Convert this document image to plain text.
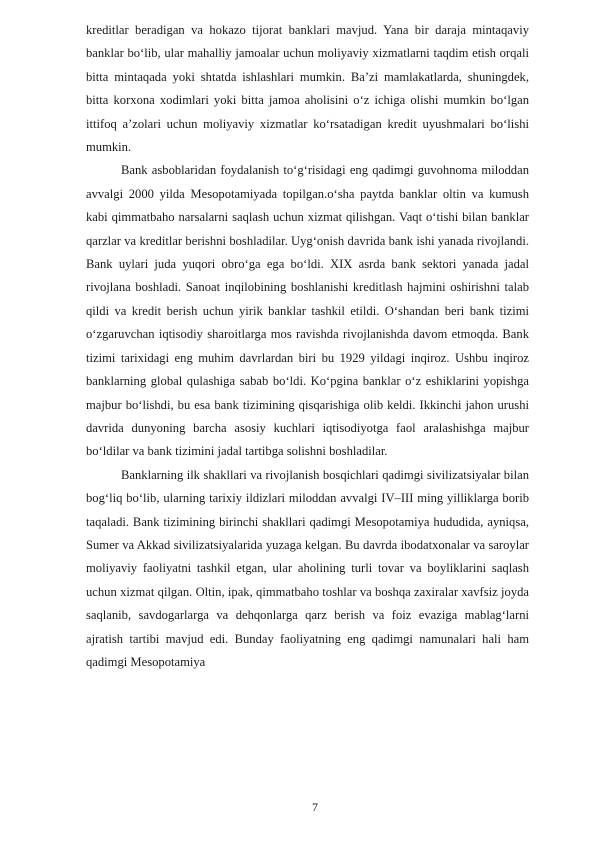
kreditlar beradigan va hokazo tijorat banklari mavjud. Yana bir daraja mintaqaviy banklar bo‘lib, ular mahalliy jamoalar uchun moliyaviy xizmatlarni taqdim etish orqali bitta mintaqada yoki shtatda ishlashlari mumkin. Ba’zi mamlakatlarda, shuningdek, bitta korxona xodimlari yoki bitta jamoa aholisini o‘z ichiga olishi mumkin bo‘lgan ittifoq a’zolari uchun moliyaviy xizmatlar ko‘rsatadigan kredit uyushmalari bo‘lishi mumkin.

Bank asboblaridan foydalanish to‘g‘risidagi eng qadimgi guvohnoma miloddan avvalgi 2000 yilda Mesopotamiyada topilgan.o‘sha paytda banklar oltin va kumush kabi qimmatbaho narsalarni saqlash uchun xizmat qilishgan. Vaqt o‘tishi bilan banklar qarzlar va kreditlar berishni boshladilar. Uyg‘onish davrida bank ishi yanada rivojlandi. Bank uylari juda yuqori obro‘ga ega bo‘ldi. XIX asrda bank sektori yanada jadal rivojlana boshladi. Sanoat inqilobining boshlanishi kreditlash hajmini oshirishni talab qildi va kredit berish uchun yirik banklar tashkil etildi. O‘shandan beri bank tizimi o‘zgaruvchan iqtisodiy sharoitlarga mos ravishda rivojlanishda davom etmoqda. Bank tizimi tarixidagi eng muhim davrlardan biri bu 1929 yildagi inqiroz. Ushbu inqiroz banklarning global qulashiga sabab bo‘ldi. Ko‘pgina banklar o‘z eshiklarini yopishga majbur bo‘lishdi, bu esa bank tizimining qisqarishiga olib keldi. Ikkinchi jahon urushi davrida dunyoning barcha asosiy kuchlari iqtisodiyotga faol aralashishga majbur bo‘ldilar va bank tizimini jadal tartibga solishni boshladilar.

Banklarning ilk shakllari va rivojlanish bosqichlari qadimgi sivilizatsiyalar bilan bog‘liq bo‘lib, ularning tarixiy ildizlari miloddan avvalgi IV–III ming yilliklarga borib taqaladi. Bank tizimining birinchi shakllari qadimgi Mesopotamiya hududida, ayniqsa, Sumer va Akkad sivilizatsiyalarida yuzaga kelgan. Bu davrda ibodatxonalar va saroylar moliyaviy faoliyatni tashkil etgan, ular aholining turli tovar va boyliklarini saqlash uchun xizmat qilgan. Oltin, ipak, qimmatbaho toshlar va boshqa zaxiralar xavfsiz joyda saqlanib, savdogarlarga va dehqonlarga qarz berish va foiz evaziga mablag‘larni ajratish tartibi mavjud edi. Bunday faoliyatning eng qadimgi namunalari hali ham qadimgi Mesopotamiya

7
